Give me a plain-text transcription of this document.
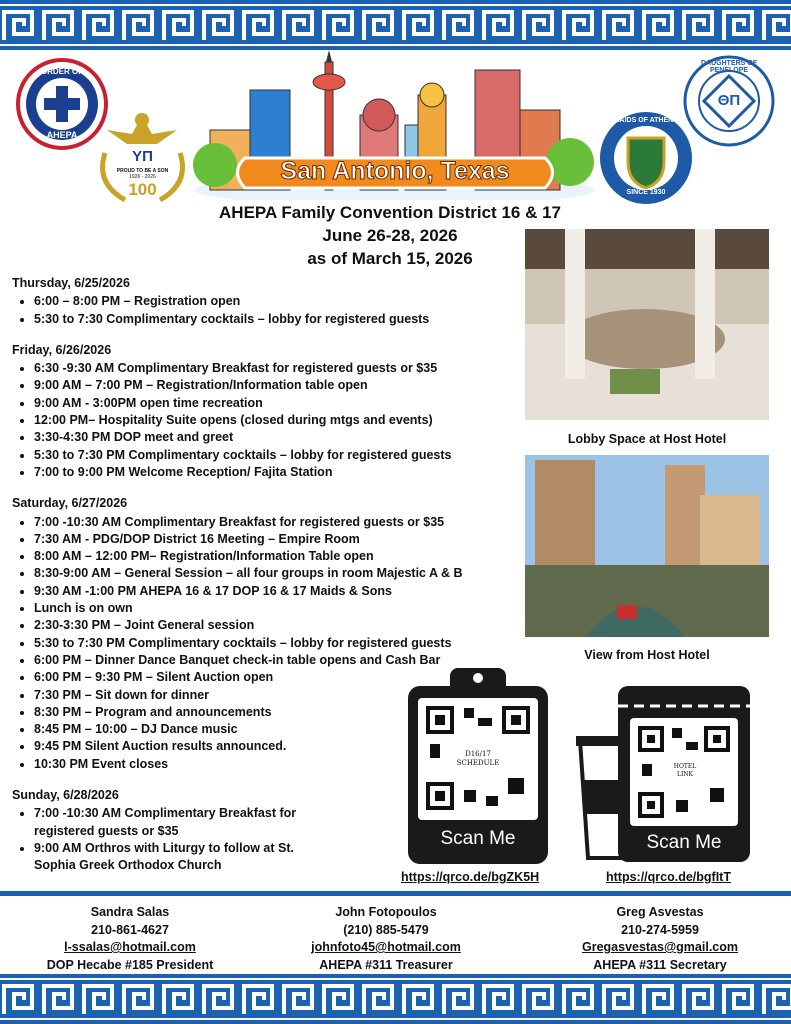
ORDER OF
AHEPA
ΥΠ
PROUD TO BE A SON
1926 - 2026
100
San Antonio, Texas
MAIDS OF ATHENA
SINCE 1930
DAUGHTERS OF PENELOPE
ΘΠ
AHEPA Family Convention District 16 & 17
June 26-28, 2026
as of March 15, 2026
Thursday, 6/25/2026
• 6:00 – 8:00 PM – Registration open
• 5:30 to 7:30 Complimentary cocktails – lobby for registered guests
Friday, 6/26/2026
• 6:30 -9:30 AM Complimentary Breakfast for registered guests or $35
• 9:00 AM – 7:00 PM – Registration/Information table open
• 9:00 AM - 3:00PM open time recreation
• 12:00 PM– Hospitality Suite opens (closed during mtgs and events)
• 3:30-4:30 PM DOP meet and greet
• 5:30 to 7:30 PM Complimentary cocktails – lobby for registered guests
• 7:00 to 9:00 PM Welcome Reception/ Fajita Station
Saturday, 6/27/2026
• 7:00 -10:30 AM Complimentary Breakfast for registered guests or $35
• 7:30 AM - PDG/DOP District 16 Meeting – Empire Room
• 8:00 AM – 12:00 PM– Registration/Information Table open
• 8:30-9:00 AM – General Session – all four groups in room Majestic A & B
• 9:30 AM -1:00 PM AHEPA 16 & 17 DOP 16 & 17 Maids & Sons
• Lunch is on own
• 2:30-3:30 PM – Joint General session
• 5:30 to 7:30 PM Complimentary cocktails – lobby for registered guests
• 6:00 PM – Dinner Dance Banquet check-in table opens and Cash Bar
• 6:00 PM – 9:30 PM – Silent Auction open
• 7:30 PM – Sit down for dinner
• 8:30 PM – Program and announcements
• 8:45 PM – 10:00 – DJ Dance music
• 9:45 PM Silent Auction results announced.
• 10:30 PM Event closes
Sunday, 6/28/2026
• 7:00 -10:30 AM Complimentary Breakfast for registered guests or $35
• 9:00 AM Orthros with Liturgy to follow at St. Sophia Greek Orthodox Church
Lobby Space at Host Hotel
View from Host Hotel
D16/17 SCHEDULE
Scan Me
https://qrco.de/bgZK5H
HOTEL LINK
Scan Me
https://qrco.de/bgfItT
Sandra Salas
210-861-4627
l-ssalas@hotmail.com
DOP Hecabe #185 President
John Fotopoulos
(210) 885-5479
johnfoto45@hotmail.com
AHEPA #311 Treasurer
Greg Asvestas
210-274-5959
Gregasvestas@gmail.com
AHEPA #311 Secretary
